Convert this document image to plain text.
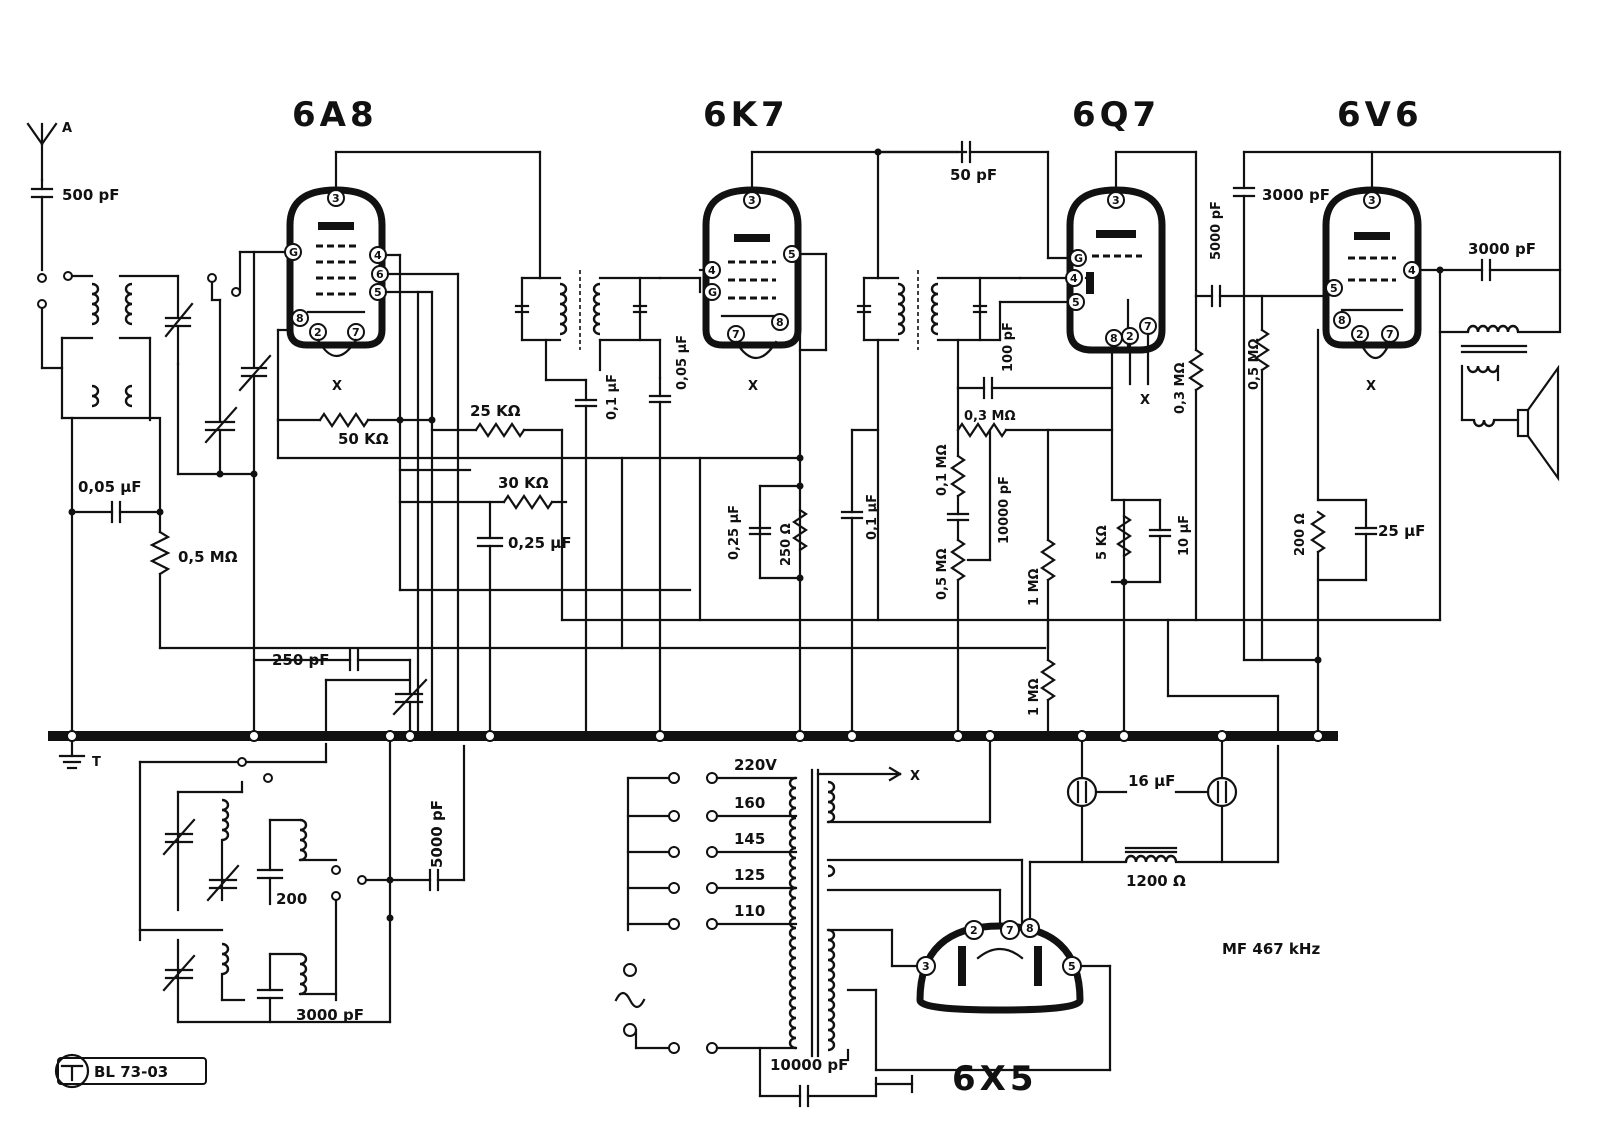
6A8	6K7	6Q7	6V6
6X5
A
500 pF
0,05 µF
0,5 MΩ
3
G	4
6
5
8
2	7
X
50 KΩ
25 KΩ
30 KΩ
0,25 µF
250 pF
200
5000 pF
3000 pF
T
0,1 µF
0,05 µF
3
5
4
G
7
8
X
0,25 µF	250 Ω
50 pF
100 pF
0,1 µF
0,3 MΩ
0,1 MΩ
10000 pF
0,5 MΩ	1 MΩ
1 MΩ
3
G
4
5
8 2
7
X
5 KΩ	10 µF
0,3 MΩ
5000 pF
0,5 MΩ
3
5
4
8
2 7
X
3000 pF
3000 pF
200 Ω	25 µF
16 µF
1200 Ω
220V
160
145
125
110
X
10000 pF
3
2	7 8
5
MF 467 kHz
BL 73-03
